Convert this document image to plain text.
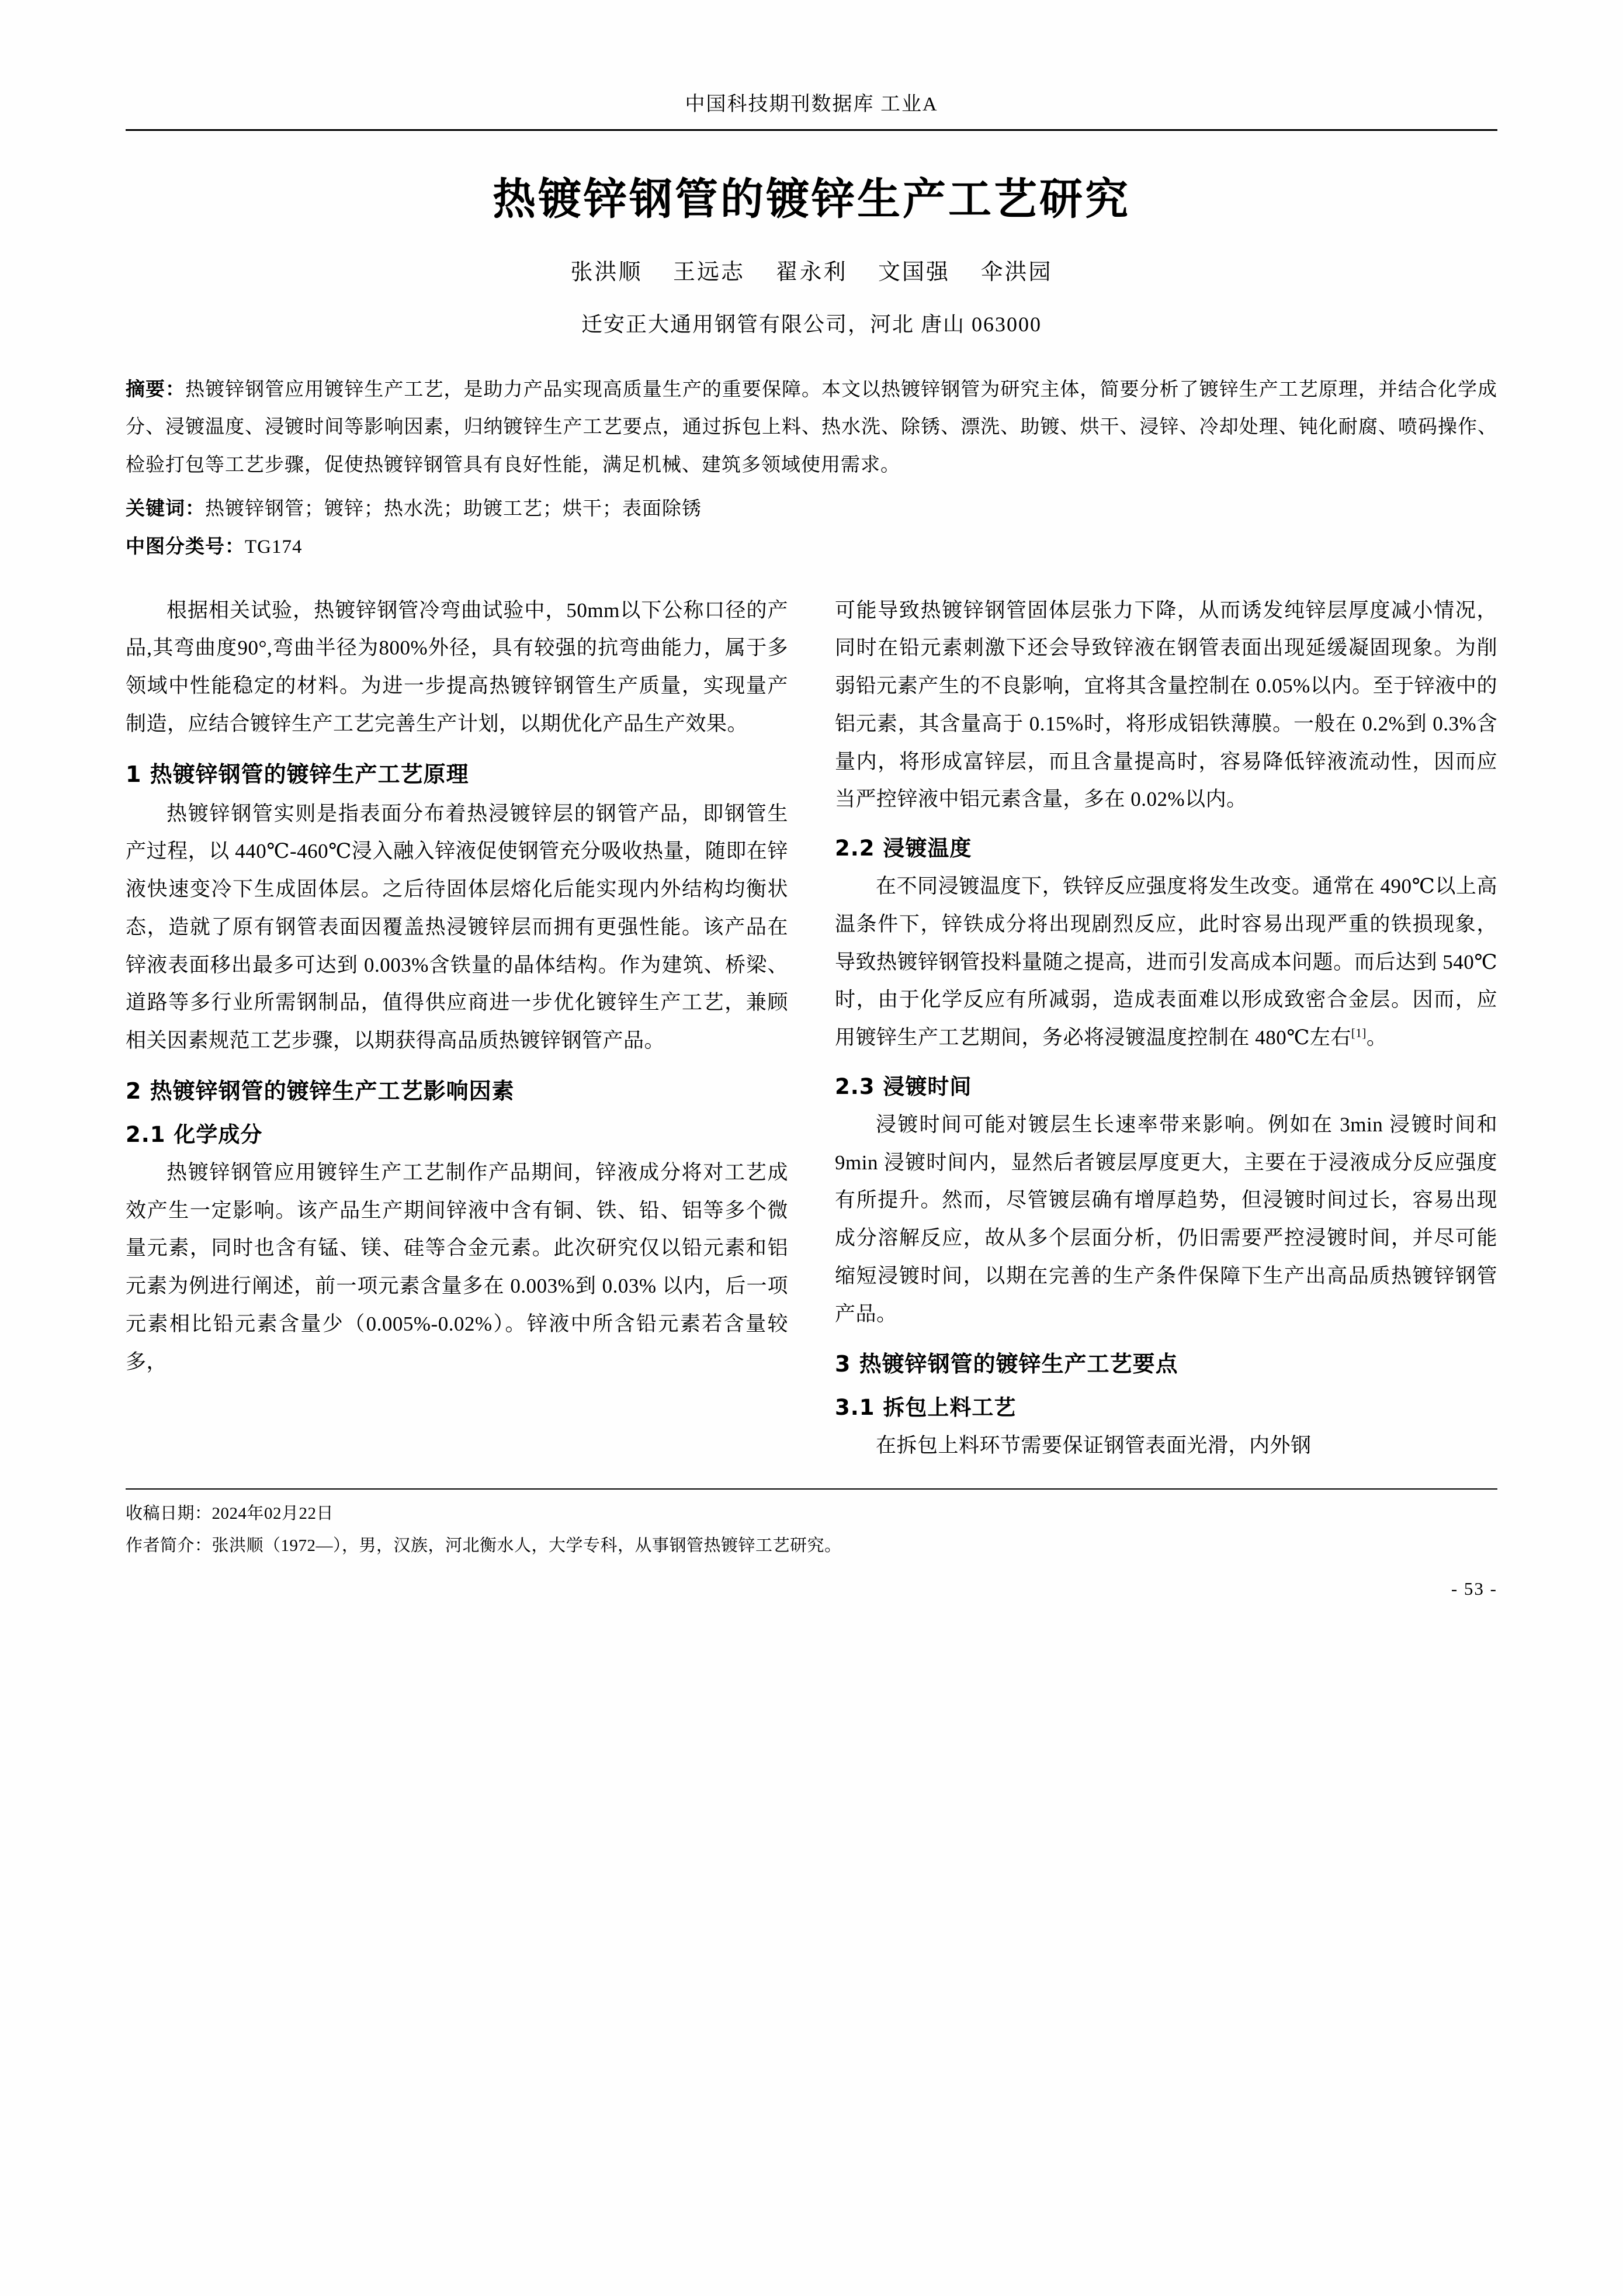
中国科技期刊数据库 工业A
热镀锌钢管的镀锌生产工艺研究
张洪顺 王远志 翟永利 文国强 伞洪园
迁安正大通用钢管有限公司，河北 唐山 063000
摘要：热镀锌钢管应用镀锌生产工艺，是助力产品实现高质量生产的重要保障。本文以热镀锌钢管为研究主体，简要分析了镀锌生产工艺原理，并结合化学成分、浸镀温度、浸镀时间等影响因素，归纳镀锌生产工艺要点，通过拆包上料、热水洗、除锈、漂洗、助镀、烘干、浸锌、冷却处理、钝化耐腐、喷码操作、检验打包等工艺步骤，促使热镀锌钢管具有良好性能，满足机械、建筑多领域使用需求。
关键词：热镀锌钢管；镀锌；热水洗；助镀工艺；烘干；表面除锈
中图分类号：TG174

根据相关试验，热镀锌钢管冷弯曲试验中，50mm以下公称口径的产品,其弯曲度90°,弯曲半径为800%外径，具有较强的抗弯曲能力，属于多领域中性能稳定的材料。为进一步提高热镀锌钢管生产质量，实现量产制造，应结合镀锌生产工艺完善生产计划，以期优化产品生产效果。

1 热镀锌钢管的镀锌生产工艺原理

热镀锌钢管实则是指表面分布着热浸镀锌层的钢管产品，即钢管生产过程，以 440℃-460℃浸入融入锌液促使钢管充分吸收热量，随即在锌液快速变冷下生成固体层。之后待固体层熔化后能实现内外结构均衡状态，造就了原有钢管表面因覆盖热浸镀锌层而拥有更强性能。该产品在锌液表面移出最多可达到 0.003%含铁量的晶体结构。作为建筑、桥梁、道路等多行业所需钢制品，值得供应商进一步优化镀锌生产工艺，兼顾相关因素规范工艺步骤，以期获得高品质热镀锌钢管产品。

2 热镀锌钢管的镀锌生产工艺影响因素
2.1 化学成分

热镀锌钢管应用镀锌生产工艺制作产品期间，锌液成分将对工艺成效产生一定影响。该产品生产期间锌液中含有铜、铁、铅、铝等多个微量元素，同时也含有锰、镁、硅等合金元素。此次研究仅以铅元素和铝元素为例进行阐述，前一项元素含量多在 0.003%到 0.03% 以内，后一项元素相比铅元素含量少（0.005%-0.02%）。锌液中所含铅元素若含量较多，

可能导致热镀锌钢管固体层张力下降，从而诱发纯锌层厚度减小情况，同时在铅元素刺激下还会导致锌液在钢管表面出现延缓凝固现象。为削弱铅元素产生的不良影响，宜将其含量控制在 0.05%以内。至于锌液中的铝元素，其含量高于 0.15%时，将形成铝铁薄膜。一般在 0.2%到 0.3%含量内，将形成富锌层，而且含量提高时，容易降低锌液流动性，因而应当严控锌液中铝元素含量，多在 0.02%以内。

2.2 浸镀温度

在不同浸镀温度下，铁锌反应强度将发生改变。通常在 490℃以上高温条件下，锌铁成分将出现剧烈反应，此时容易出现严重的铁损现象，导致热镀锌钢管投料量随之提高，进而引发高成本问题。而后达到 540℃时，由于化学反应有所减弱，造成表面难以形成致密合金层。因而，应用镀锌生产工艺期间，务必将浸镀温度控制在 480℃左右[1]。

2.3 浸镀时间

浸镀时间可能对镀层生长速率带来影响。例如在 3min 浸镀时间和 9min 浸镀时间内，显然后者镀层厚度更大，主要在于浸液成分反应强度有所提升。然而，尽管镀层确有增厚趋势，但浸镀时间过长，容易出现成分溶解反应，故从多个层面分析，仍旧需要严控浸镀时间，并尽可能缩短浸镀时间，以期在完善的生产条件保障下生产出高品质热镀锌钢管产品。

3 热镀锌钢管的镀锌生产工艺要点
3.1 拆包上料工艺

在拆包上料环节需要保证钢管表面光滑，内外钢

收稿日期：2024年02月22日
作者简介：张洪顺（1972—），男，汉族，河北衡水人，大学专科，从事钢管热镀锌工艺研究。
- 53 -
